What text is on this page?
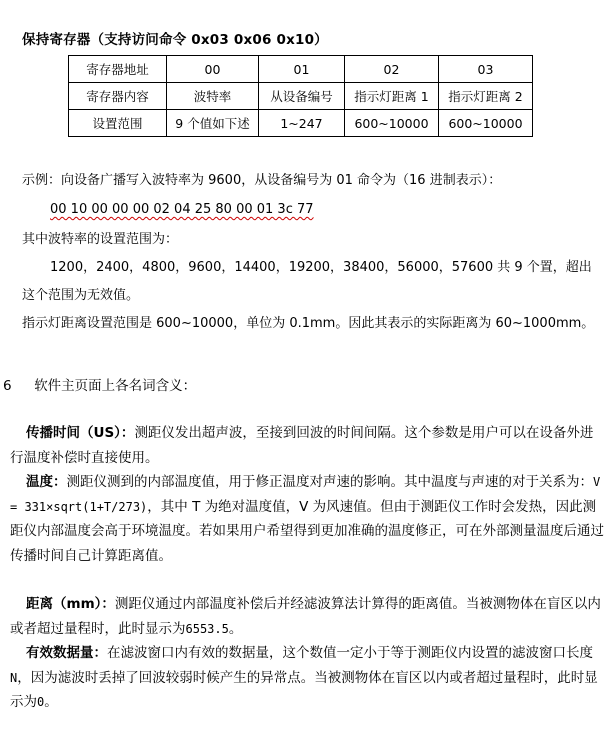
保持寄存器（支持访问命令 0x03 0x06 0x10）
寄存器地址	00	01	02	03
寄存器内容	波特率	从设备编号	指示灯距离 1	指示灯距离 2
设置范围	9 个值如下述	1~247	600~10000	600~10000
示例：向设备广播写入波特率为 9600，从设备编号为 01 命令为（16 进制表示）：
00 10 00 00 00 02 04 25 80 00 01 3c 77
其中波特率的设置范围为：
1200，2400，4800，9600，14400，19200，38400，56000，57600 共 9 个置，超出
这个范围为无效值。
指示灯距离设置范围是 600~10000，单位为 0.1mm。因此其表示的实际距离为 60~1000mm。
6 软件主页面上各名词含义：
传播时间（US）：测距仪发出超声波，至接到回波的时间间隔。这个参数是用户可以在设备外进行温度补偿时直接使用。
温度：测距仪测到的内部温度值，用于修正温度对声速的影响。其中温度与声速的对于关系为：V = 331×sqrt(1+T/273)，其中 T 为绝对温度值，V 为风速值。但由于测距仪工作时会发热，因此测距仪内部温度会高于环境温度。若如果用户希望得到更加准确的温度修正，可在外部测量温度后通过传播时间自己计算距离值。
距离（mm）：测距仪通过内部温度补偿后并经滤波算法计算得的距离值。当被测物体在盲区以内或者超过量程时，此时显示为6553.5。
有效数据量：在滤波窗口内有效的数据量，这个数值一定小于等于测距仪内设置的滤波窗口长度N，因为滤波时丢掉了回波较弱时候产生的异常点。当被测物体在盲区以内或者超过量程时，此时显示为0。
